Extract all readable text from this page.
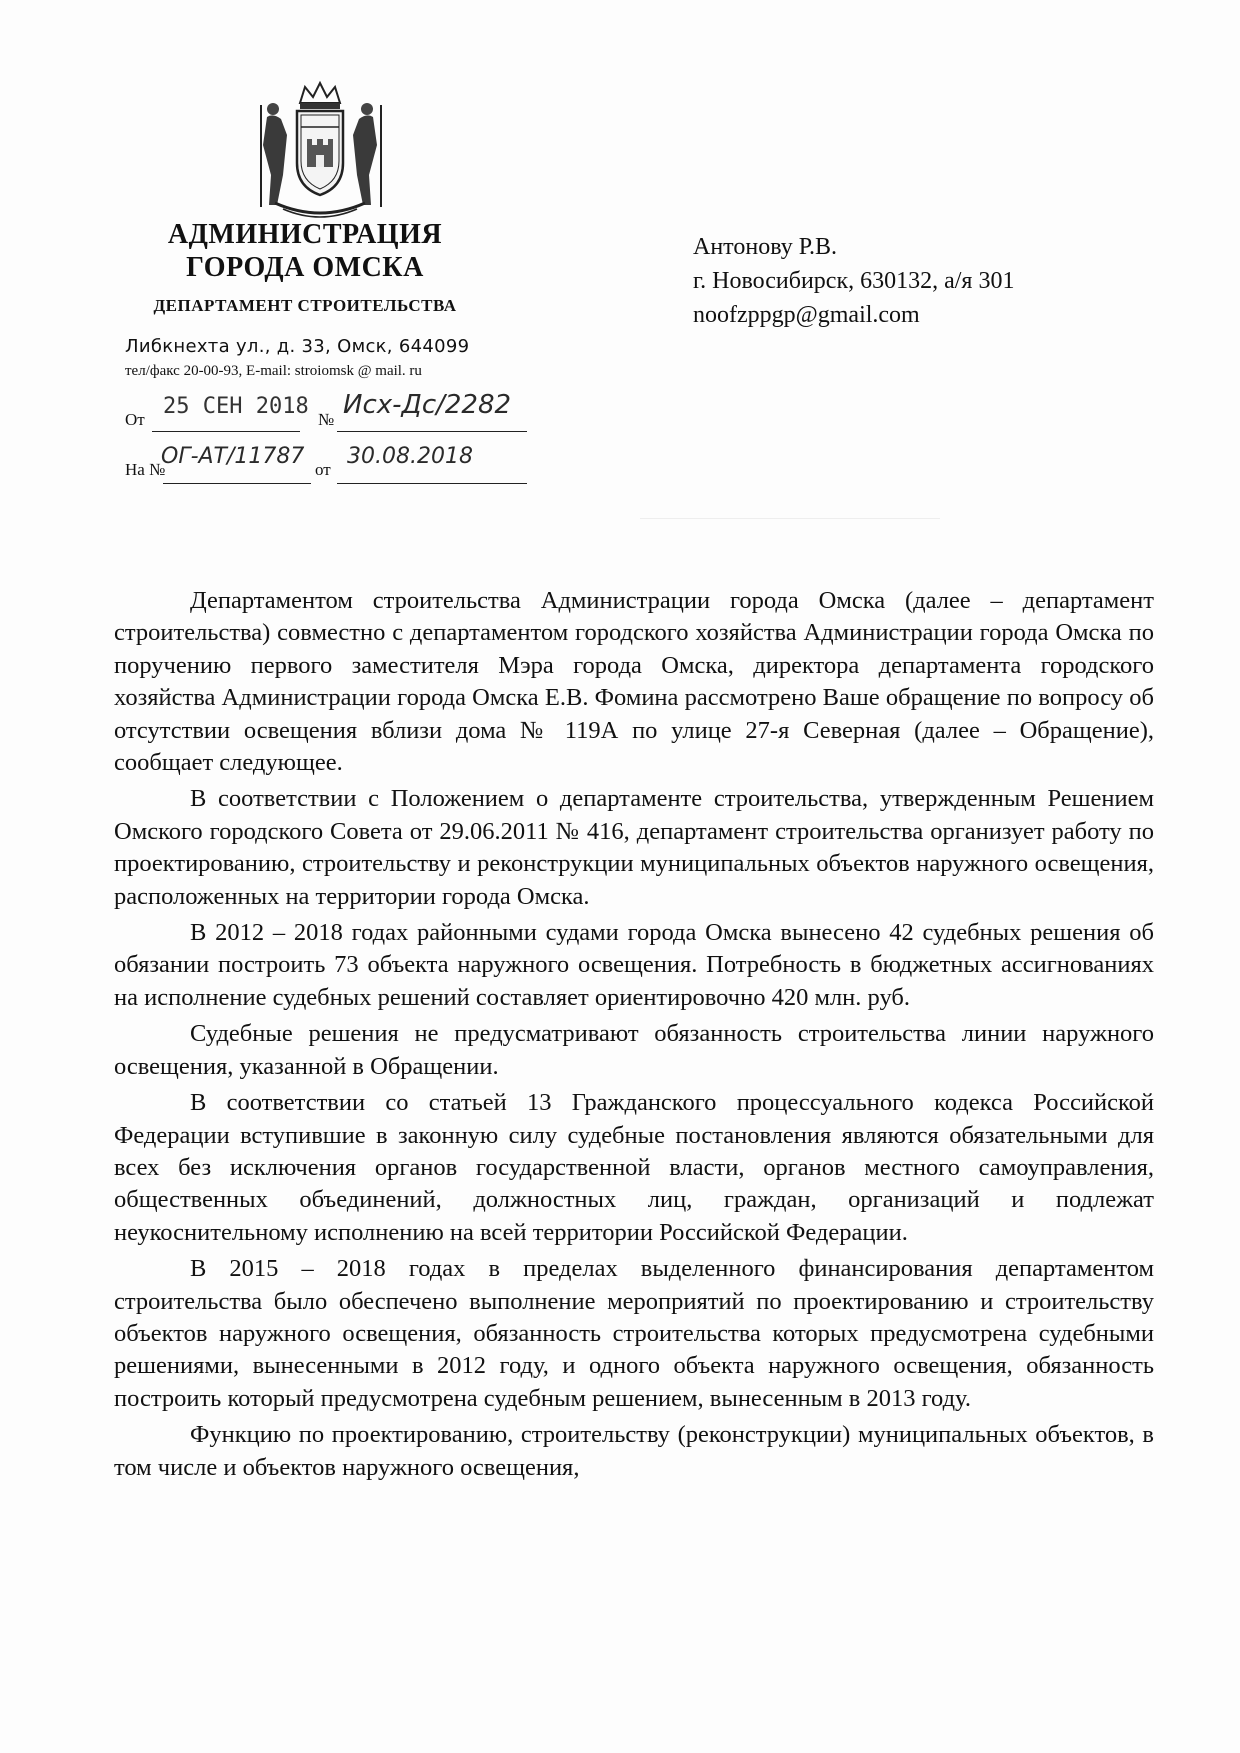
АДМИНИСТРАЦИЯ
ГОРОДА ОМСКА
ДЕПАРТАМЕНТ СТРОИТЕЛЬСТВА
Либкнехта ул., д. 33, Омск, 644099
тел/факс 20-00-93, E-mail: stroiomsk @ mail. ru
От
25 СЕН 2018
№ Исх-Дс/2282
На №
ОГ-АТ/11787
от
30.08.2018
Антонову Р.В.
г. Новосибирск, 630132, а/я 301
noofzppgp@gmail.com

Департаментом строительства Администрации города Омска (далее – департамент строительства) совместно с департаментом городского хозяйства Администрации города Омска по поручению первого заместителя Мэра города Омска, директора департамента городского хозяйства Администрации города Омска Е.В. Фомина рассмотрено Ваше обращение по вопросу об отсутствии освещения вблизи дома № 119А по улице 27-я Северная (далее – Обращение), сообщает следующее.

В соответствии с Положением о департаменте строительства, утвержденным Решением Омского городского Совета от 29.06.2011 № 416, департамент строительства организует работу по проектированию, строительству и реконструкции муниципальных объектов наружного освещения, расположенных на территории города Омска.

В 2012 – 2018 годах районными судами города Омска вынесено 42 судебных решения об обязании построить 73 объекта наружного освещения. Потребность в бюджетных ассигнованиях на исполнение судебных решений составляет ориентировочно 420 млн. руб.

Судебные решения не предусматривают обязанность строительства линии наружного освещения, указанной в Обращении.

В соответствии со статьей 13 Гражданского процессуального кодекса Российской Федерации вступившие в законную силу судебные постановления являются обязательными для всех без исключения органов государственной власти, органов местного самоуправления, общественных объединений, должностных лиц, граждан, организаций и подлежат неукоснительному исполнению на всей территории Российской Федерации.

В 2015 – 2018 годах в пределах выделенного финансирования департаментом строительства было обеспечено выполнение мероприятий по проектированию и строительству объектов наружного освещения, обязанность строительства которых предусмотрена судебными решениями, вынесенными в 2012 году, и одного объекта наружного освещения, обязанность построить который предусмотрена судебным решением, вынесенным в 2013 году.

Функцию по проектированию, строительству (реконструкции) муниципальных объектов, в том числе и объектов наружного освещения,
